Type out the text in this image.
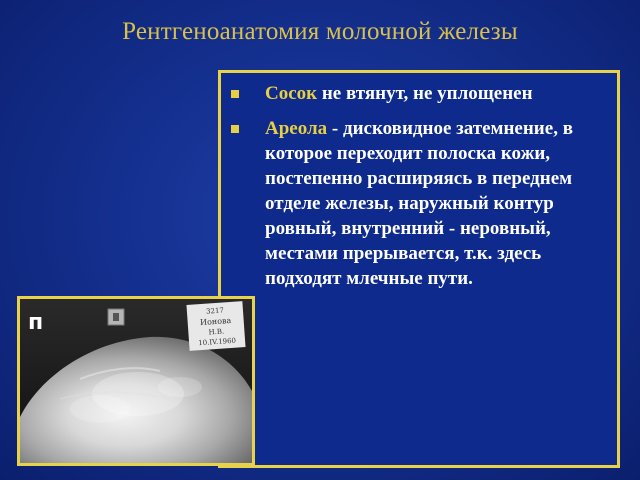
Рентгеноанатомия молочной железы
Сосок не втянут, не уплощенен
Ареола - дисковидное затемнение, в которое переходит полоска кожи, постепенно расширяясь в переднем отделе железы, наружный контур ровный, внутренний - неровный, местами прерывается, т.к. здесь подходят млечные пути.
п	3217
Ионова
Н.В.
10.IV.1960
